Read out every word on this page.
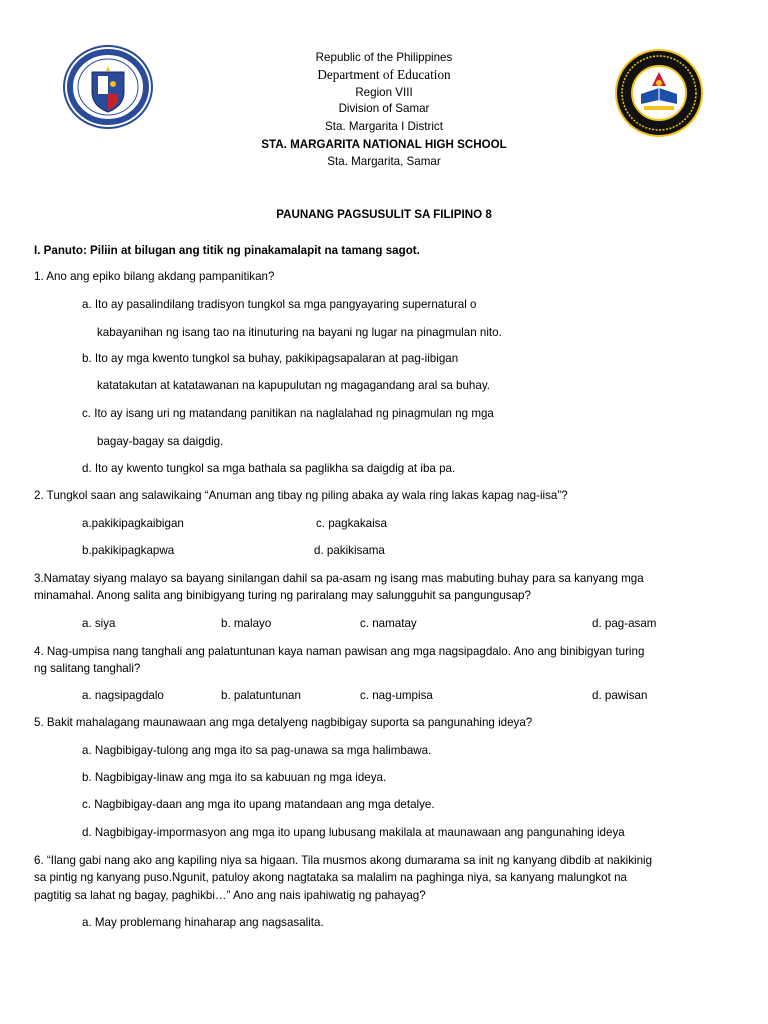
Republic of the Philippines
Department of Education
Region VIII
Division of Samar
Sta. Margarita I District
STA. MARGARITA NATIONAL HIGH SCHOOL
Sta. Margarita, Samar
PAUNANG PAGSUSULIT SA FILIPINO 8
I. Panuto: Piliin at bilugan ang titik ng pinakamalapit na tamang sagot.
1. Ano ang epiko bilang akdang pampanitikan?
a. Ito ay pasalindilang tradisyon tungkol sa mga pangyayaring supernatural o
kabayanihan ng isang tao na itinuturing na bayani ng lugar na pinagmulan nito.
b. Ito ay mga kwento tungkol sa buhay, pakikipagsapalaran at pag-iibigan
katatakutan at katatawanan na kapupulutan ng magagandang aral sa buhay.
c. Ito ay isang uri ng matandang panitikan na naglalahad ng pinagmulan ng mga
bagay-bagay sa daigdig.
d. Ito ay kwento tungkol sa mga bathala sa paglikha sa daigdig at iba pa.
2. Tungkol saan ang salawikaing “Anuman ang tibay ng piling abaka ay wala ring lakas kapag nag-iisa”?
a.pakikipagkaibigan	c. pagkakaisa
b.pakikipagkapwa	d. pakikisama
3.Namatay siyang malayo sa bayang sinilangan dahil sa pa-asam ng isang mas mabuting buhay para sa kanyang mga
minamahal. Anong salita ang binibigyang turing ng pariralang may salungguhit sa pangungusap?
a. siya	b. malayo	c. namatay	d. pag-asam
4. Nag-umpisa nang tanghali ang palatuntunan kaya naman pawisan ang mga nagsipagdalo. Ano ang binibigyan turing
ng salitang tanghali?
a. nagsipagdalo	b. palatuntunan	c. nag-umpisa	d. pawisan
5. Bakit mahalagang maunawaan ang mga detalyeng nagbibigay suporta sa pangunahing ideya?
a. Nagbibigay-tulong ang mga ito sa pag-unawa sa mga halimbawa.
b. Nagbibigay-linaw ang mga ito sa kabuuan ng mga ideya.
c. Nagbibigay-daan ang mga ito upang matandaan ang mga detalye.
d. Nagbibigay-impormasyon ang mga ito upang lubusang makilala at maunawaan ang pangunahing ideya
6. “Ilang gabi nang ako ang kapiling niya sa higaan. Tila musmos akong dumarama sa init ng kanyang dibdib at nakikinig
sa pintig ng kanyang puso.Ngunit, patuloy akong nagtataka sa malalim na paghinga niya, sa kanyang malungkot na
pagtitig sa lahat ng bagay, paghikbi…” Ano ang nais ipahiwatig ng pahayag?
a. May problemang hinaharap ang nagsasalita.
